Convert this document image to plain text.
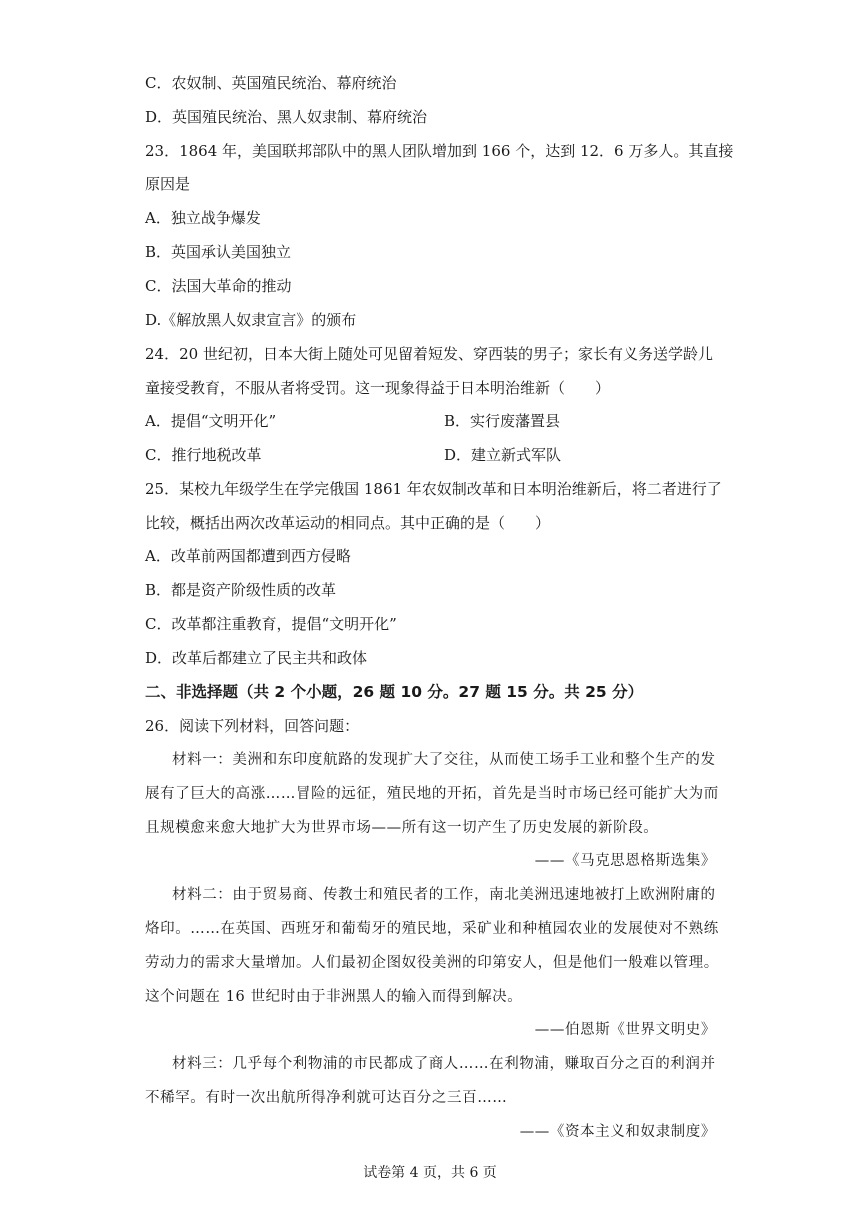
C．农奴制、英国殖民统治、幕府统治
D．英国殖民统治、黑人奴隶制、幕府统治
23．1864 年，美国联邦部队中的黑人团队增加到 166 个，达到 12．6 万多人。其直接
原因是
A．独立战争爆发
B．英国承认美国独立
C．法国大革命的推动
D.《解放黑人奴隶宣言》的颁布
24．20 世纪初，日本大街上随处可见留着短发、穿西装的男子；家长有义务送学龄儿
童接受教育，不服从者将受罚。这一现象得益于日本明治维新（　　）
A．提倡“文明开化”	B．实行废藩置县
C．推行地税改革	D．建立新式军队
25．某校九年级学生在学完俄国 1861 年农奴制改革和日本明治维新后，将二者进行了
比较，概括出两次改革运动的相同点。其中正确的是（　　）
A．改革前两国都遭到西方侵略
B．都是资产阶级性质的改革
C．改革都注重教育，提倡“文明开化”
D．改革后都建立了民主共和政体
二、非选择题（共 2 个小题，26 题 10 分。27 题 15 分。共 25 分）
26．阅读下列材料，回答问题：
材料一：美洲和东印度航路的发现扩大了交往，从而使工场手工业和整个生产的发
展有了巨大的高涨……冒险的远征，殖民地的开拓，首先是当时市场已经可能扩大为而
且规模愈来愈大地扩大为世界市场——所有这一切产生了历史发展的新阶段。
——《马克思恩格斯选集》
材料二：由于贸易商、传教士和殖民者的工作，南北美洲迅速地被打上欧洲附庸的
烙印。……在英国、西班牙和葡萄牙的殖民地，采矿业和种植园农业的发展使对不熟练
劳动力的需求大量增加。人们最初企图奴役美洲的印第安人，但是他们一般难以管理。
这个问题在 16 世纪时由于非洲黑人的输入而得到解决。
——伯恩斯《世界文明史》
材料三：几乎每个利物浦的市民都成了商人……在利物浦，赚取百分之百的利润并
不稀罕。有时一次出航所得净利就可达百分之三百……
——《资本主义和奴隶制度》
试卷第 4 页，共 6 页
